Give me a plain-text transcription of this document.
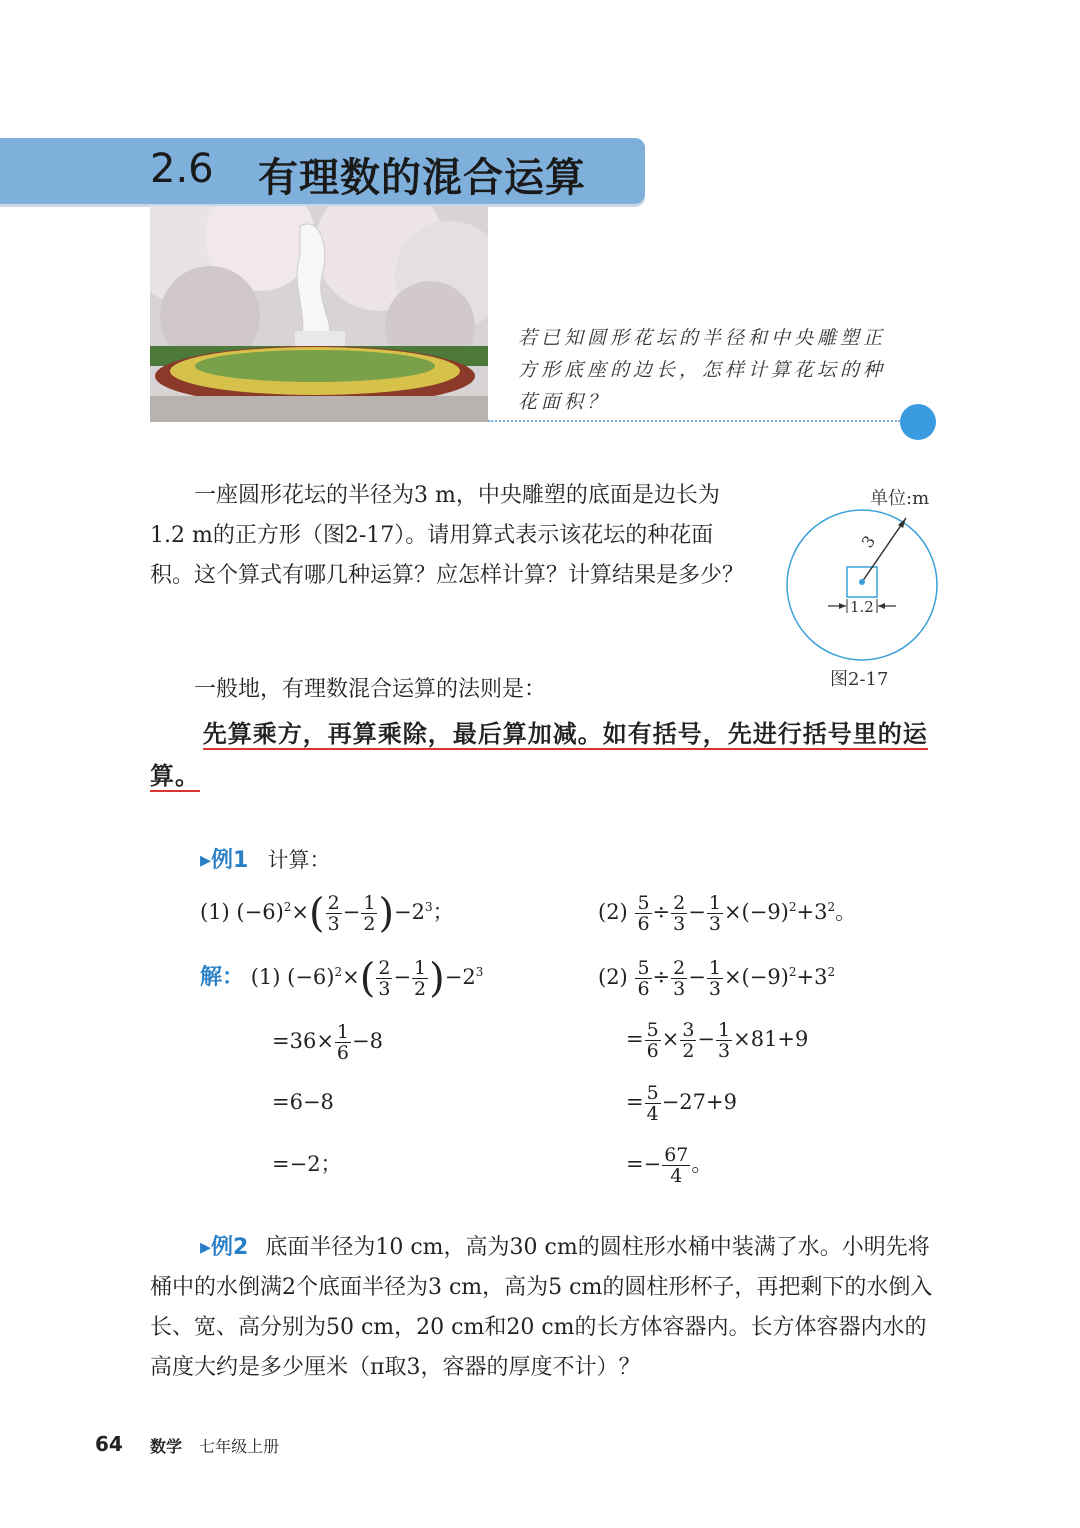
2.6 有理数的混合运算
若已知圆形花坛的半径和中央雕塑正方形底座的边长，怎样计算花坛的种花面积？
一座圆形花坛的半径为3 m，中央雕塑的底面是边长为1.2 m的正方形（图2-17）。请用算式表示该花坛的种花面积。这个算式有哪几种运算？应怎样计算？计算结果是多少？
单位:m
3
1.2
图2-17
一般地，有理数混合运算的法则是：
先算乘方，再算乘除，最后算加减。如有括号，先进行括号里的运算。
▸例1 计算：
(1) $(-6)^2\times( \frac{2}{3} - \frac{1}{2} )-2^3$；	$(2) \frac{5}{6} \div \frac{2}{3} - \frac{1}{3} \times(-9)^2+3^2$。
解： (1) $(-6)^2\times( \frac{2}{3} - \frac{1}{2} )-2^3$
$=36\times \frac{1}{6} -8$
=6−8
=−2；
$(2) \frac{5}{6} \div \frac{2}{3} - \frac{1}{3} \times(-9)^2+3^2$
= $\frac{5}{6} \times \frac{3}{2} - \frac{1}{3} \times 81+9$
= $\frac{5}{4} -27+9$
=− $\frac{67}{4}$ 。
▸例2 底面半径为10 cm，高为30 cm的圆柱形水桶中装满了水。小明先将桶中的水倒满2个底面半径为3 cm，高为5 cm的圆柱形杯子，再把剩下的水倒入长、宽、高分别为50 cm，20 cm和20 cm的长方体容器内。长方体容器内水的高度大约是多少厘米（π取3，容器的厚度不计）？
64 数学 七年级上册
